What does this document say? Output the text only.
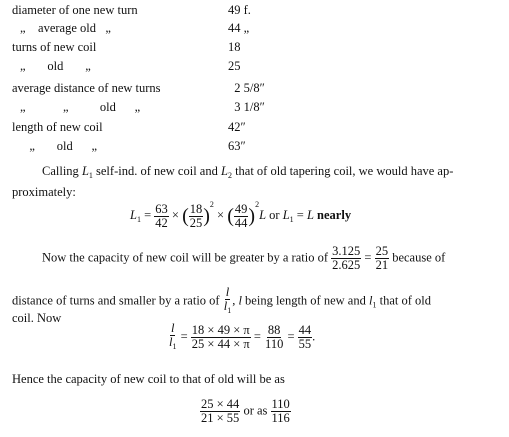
diameter of one new turn	49 f.
„    average old   „	44 „
turns of new coil	18
„       old       „	25
average distance of new turns	2 5/8″
„            „          old      „	3 1/8″
length of new coil	42″
„       old      „	63″
Calling $L_1$ self-ind. of new coil and $L_2$ that of old tapering coil, we would have ap-proximately:
$L_1 = \frac{63}{42}$ × ( $\frac{18}{25} )^2$ × ( $\frac{49}{44} )^2L$ or $L_1 = L$ nearly
Now the capacity of new coil will be greater by a ratio of $\frac{3.125}{2.625} = \frac{25}{21}$ because of
distance of turns and smaller by a ratio of $\frac{l}{l_1}$ , l being length of new and $l_1$ that of old
coil. Now
$\frac{l}{l_1} = \frac{18 \times 49 \times \pi}{25 \times 44 \times \pi} = \frac{88}{110} = \frac{44}{55}$ .
Hence the capacity of new coil to that of old will be as
$\frac{25 \times 44}{21 \times 55}$ or as $\frac{110}{116}$
